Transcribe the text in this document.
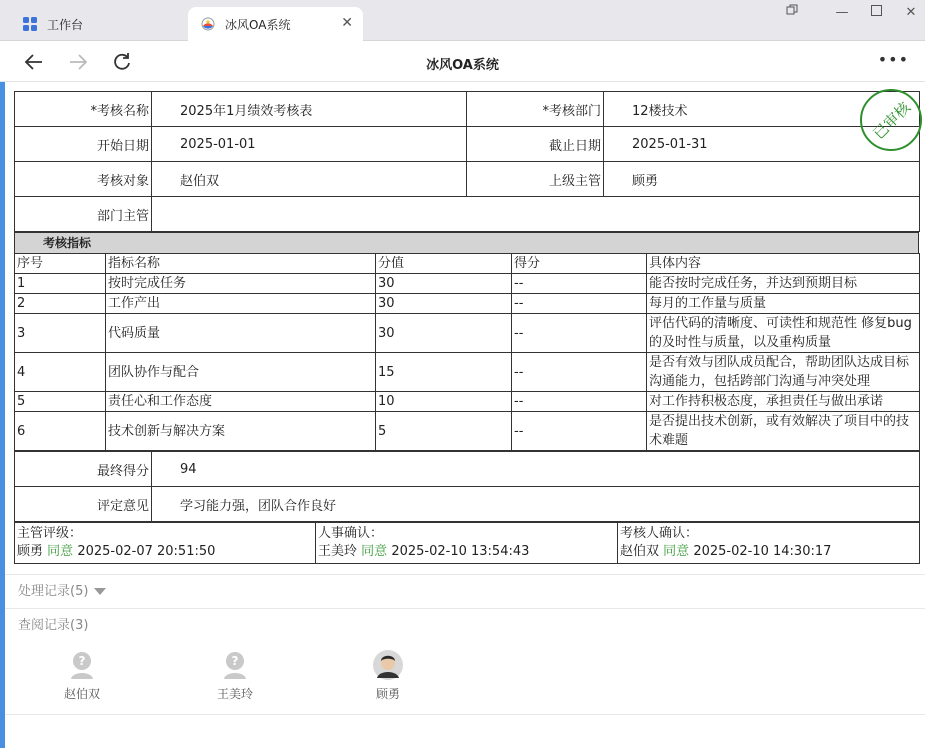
工作台	冰风OA系统	✕
—	✕
冰风OA系统	•••
*考核名称	2025年1月绩效考核表	*考核部门	12楼技术
开始日期	2025-01-01	截止日期	2025-01-31
考核对象	赵伯双	上级主管	顾勇
部门主管			
考核指标
序号	指标名称	分值	得分	具体内容
1	按时完成任务	30	--	能否按时完成任务，并达到预期目标
2	工作产出	30	--	每月的工作量与质量
3	代码质量	30	--	评估代码的清晰度、可读性和规范性 修复bug 的及时性与质量，以及重构质量
4	团队协作与配合	15	--	是否有效与团队成员配合，帮助团队达成目标 沟通能力，包括跨部门沟通与冲突处理
5	责任心和工作态度	10	--	对工作持积极态度，承担责任与做出承诺
6	技术创新与解决方案	5	--	是否提出技术创新，或有效解决了项目中的技术难题
最终得分	94
评定意见	学习能力强，团队合作良好
主管评级：
顾勇 同意 2025-02-07 20:51:50

人事确认：
王美玲 同意 2025-02-10 13:54:43

考核人确认：
赵伯双 同意 2025-02-10 14:30:17
已审核
处理记录(5)
查阅记录(3)
?
赵伯双
?
王美玲	顾勇
